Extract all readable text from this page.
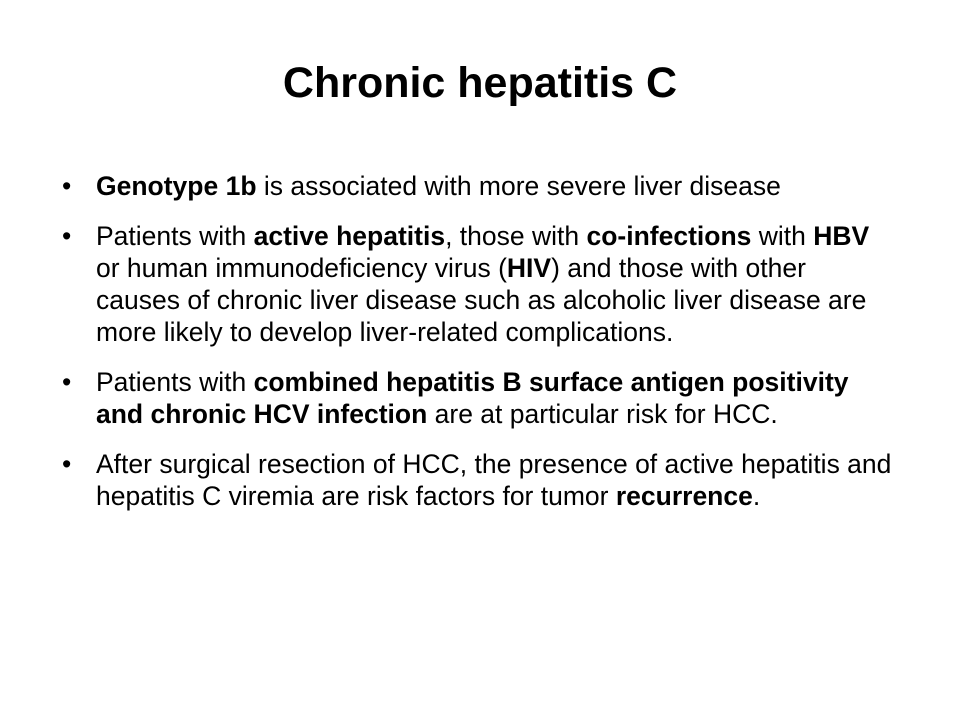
Chronic hepatitis C
• Genotype 1b is associated with more severe liver disease
• Patients with active hepatitis, those with co-infections with HBV or human immunodeficiency virus (HIV) and those with other causes of chronic liver disease such as alcoholic liver disease are more likely to develop liver-related complications.
• Patients with combined hepatitis B surface antigen positivity and chronic HCV infection are at particular risk for HCC.
• After surgical resection of HCC, the presence of active hepatitis and hepatitis C viremia are risk factors for tumor recurrence.
